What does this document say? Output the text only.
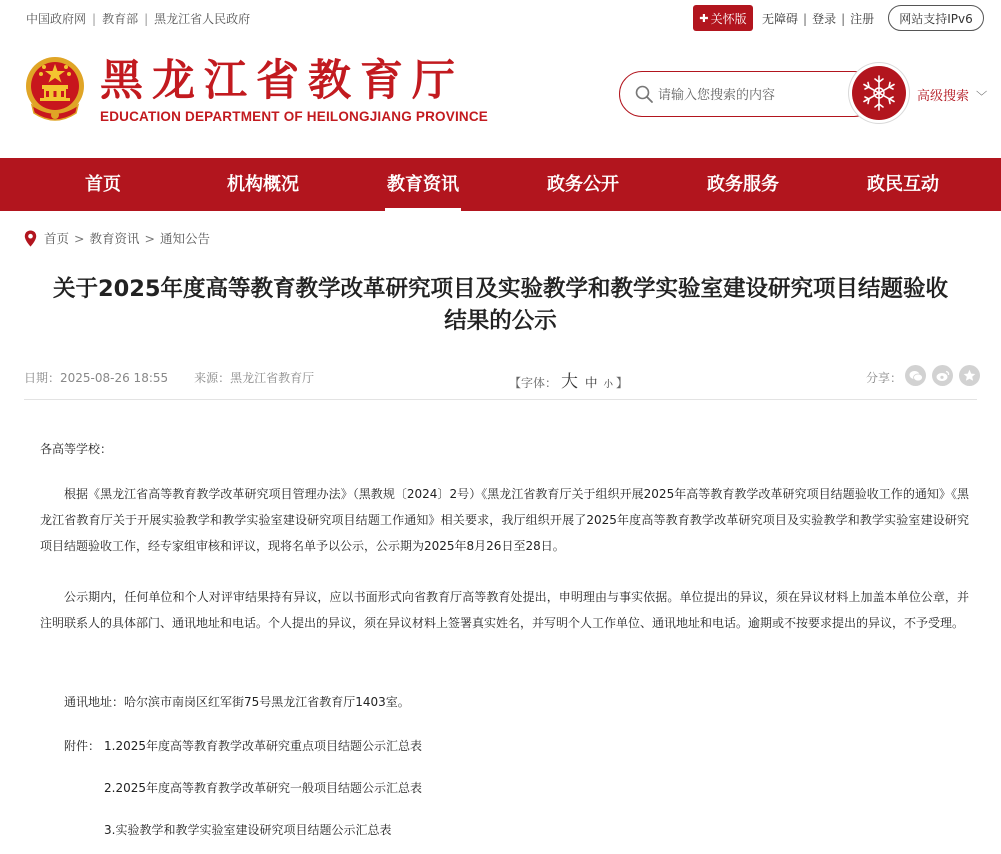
中国政府网 | 教育部 | 黑龙江省人民政府	✚ 关怀版 无障碍 | 登录 | 注册	网站支持IPv6
黑龙江省教育厅
EDUCATION DEPARTMENT OF HEILONGJIANG PROVINCE
请输入您搜索的内容
高级搜索 ﹀
首页	机构概况	教育资讯	政务公开	政务服务	政民互动
首页 > 教育资讯 > 通知公告
关于2025年度高等教育教学改革研究项目及实验教学和教学实验室建设研究项目结题验收
结果的公示
日期：2025-08-26 18:55 来源：黑龙江省教育厅	【字体： 大 中 小 】	分享：
各高等学校：

根据《黑龙江省高等教育教学改革研究项目管理办法》（黑教规〔2024〕2号）《黑龙江省教育厅关于组织开展2025年高等教育教学改革研究项目结题验收工作的通知》《黑龙江省教育厅关于开展实验教学和教学实验室建设研究项目结题工作通知》相关要求，我厅组织开展了2025年度高等教育教学改革研究项目及实验教学和教学实验室建设研究项目结题验收工作，经专家组审核和评议，现将名单予以公示，公示期为2025年8月26日至28日。

公示期内，任何单位和个人对评审结果持有异议，应以书面形式向省教育厅高等教育处提出，申明理由与事实依据。单位提出的异议，须在异议材料上加盖本单位公章，并注明联系人的具体部门、通讯地址和电话。个人提出的异议，须在异议材料上签署真实姓名，并写明个人工作单位、通讯地址和电话。逾期或不按要求提出的异议，不予受理。

通讯地址：哈尔滨市南岗区红军街75号黑龙江省教育厅1403室。
附件： 1.2025年度高等教育教学改革研究重点项目结题公示汇总表
2.2025年度高等教育教学改革研究一般项目结题公示汇总表
3.实验教学和教学实验室建设研究项目结题公示汇总表
